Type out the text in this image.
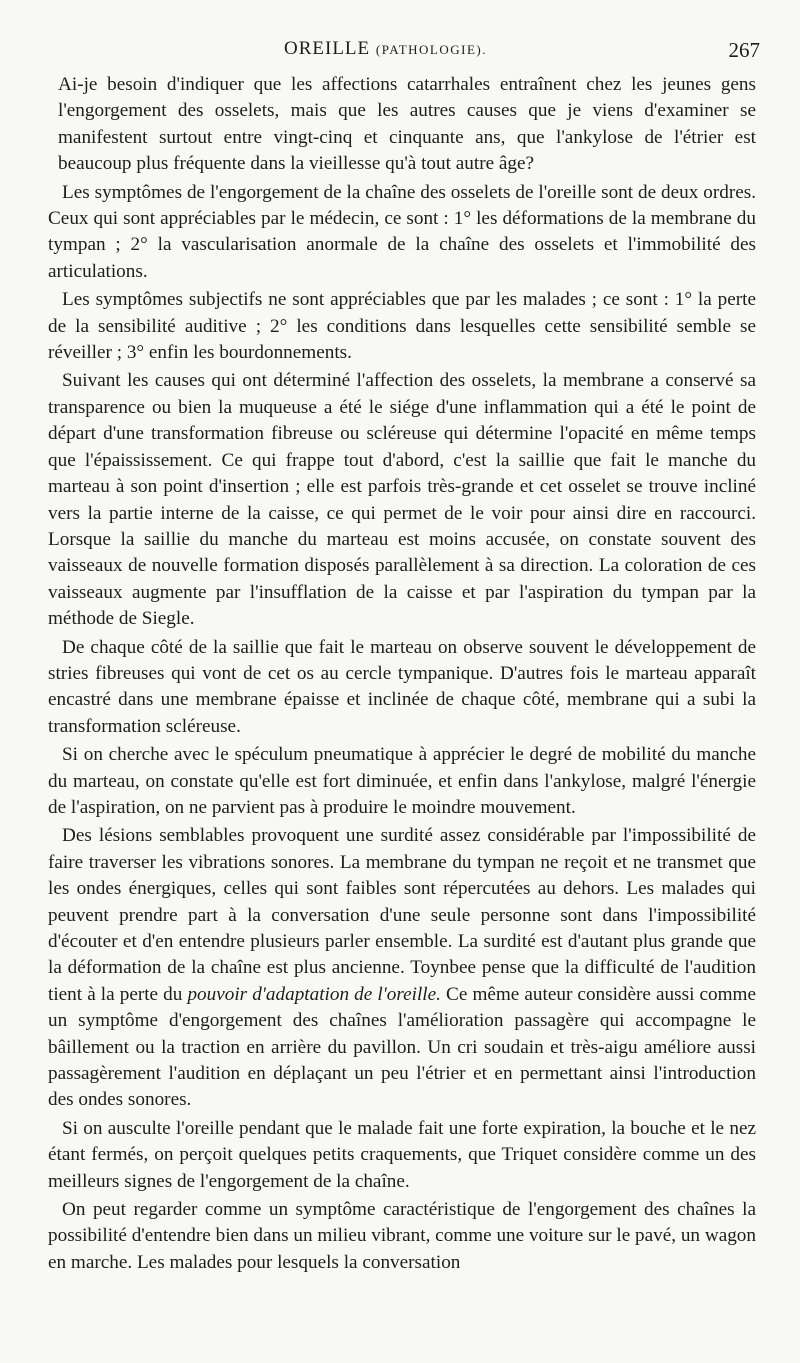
OREILLE (PATHOLOGIE).	267

Ai-je besoin d'indiquer que les affections catarrhales entraînent chez les jeunes gens l'engorgement des osselets, mais que les autres causes que je viens d'examiner se manifestent surtout entre vingt-cinq et cinquante ans, que l'ankylose de l'étrier est beaucoup plus fréquente dans la vieillesse qu'à tout autre âge?

Les symptômes de l'engorgement de la chaîne des osselets de l'oreille sont de deux ordres. Ceux qui sont appréciables par le médecin, ce sont : 1° les déformations de la membrane du tympan ; 2° la vascularisation anormale de la chaîne des osselets et l'immobilité des articulations.

Les symptômes subjectifs ne sont appréciables que par les malades ; ce sont : 1° la perte de la sensibilité auditive ; 2° les conditions dans lesquelles cette sensibilité semble se réveiller ; 3° enfin les bourdonnements.

Suivant les causes qui ont déterminé l'affection des osselets, la membrane a conservé sa transparence ou bien la muqueuse a été le siége d'une inflammation qui a été le point de départ d'une transformation fibreuse ou scléreuse qui détermine l'opacité en même temps que l'épaississement. Ce qui frappe tout d'abord, c'est la saillie que fait le manche du marteau à son point d'insertion ; elle est parfois très-grande et cet osselet se trouve incliné vers la partie interne de la caisse, ce qui permet de le voir pour ainsi dire en raccourci. Lorsque la saillie du manche du marteau est moins accusée, on constate souvent des vaisseaux de nouvelle formation disposés parallèlement à sa direction. La coloration de ces vaisseaux augmente par l'insufflation de la caisse et par l'aspiration du tympan par la méthode de Siegle.

De chaque côté de la saillie que fait le marteau on observe souvent le développement de stries fibreuses qui vont de cet os au cercle tympanique. D'autres fois le marteau apparaît encastré dans une membrane épaisse et inclinée de chaque côté, membrane qui a subi la transformation scléreuse.

Si on cherche avec le spéculum pneumatique à apprécier le degré de mobilité du manche du marteau, on constate qu'elle est fort diminuée, et enfin dans l'ankylose, malgré l'énergie de l'aspiration, on ne parvient pas à produire le moindre mouvement.

Des lésions semblables provoquent une surdité assez considérable par l'impossibilité de faire traverser les vibrations sonores. La membrane du tympan ne reçoit et ne transmet que les ondes énergiques, celles qui sont faibles sont répercutées au dehors. Les malades qui peuvent prendre part à la conversation d'une seule personne sont dans l'impossibilité d'écouter et d'en entendre plusieurs parler ensemble. La surdité est d'autant plus grande que la déformation de la chaîne est plus ancienne. Toynbee pense que la difficulté de l'audition tient à la perte du pouvoir d'adaptation de l'oreille. Ce même auteur considère aussi comme un symptôme d'engorgement des chaînes l'amélioration passagère qui accompagne le bâillement ou la traction en arrière du pavillon. Un cri soudain et très-aigu améliore aussi passagèrement l'audition en déplaçant un peu l'étrier et en permettant ainsi l'introduction des ondes sonores.

Si on ausculte l'oreille pendant que le malade fait une forte expiration, la bouche et le nez étant fermés, on perçoit quelques petits craquements, que Triquet considère comme un des meilleurs signes de l'engorgement de la chaîne.

On peut regarder comme un symptôme caractéristique de l'engorgement des chaînes la possibilité d'entendre bien dans un milieu vibrant, comme une voiture sur le pavé, un wagon en marche. Les malades pour lesquels la conversation
